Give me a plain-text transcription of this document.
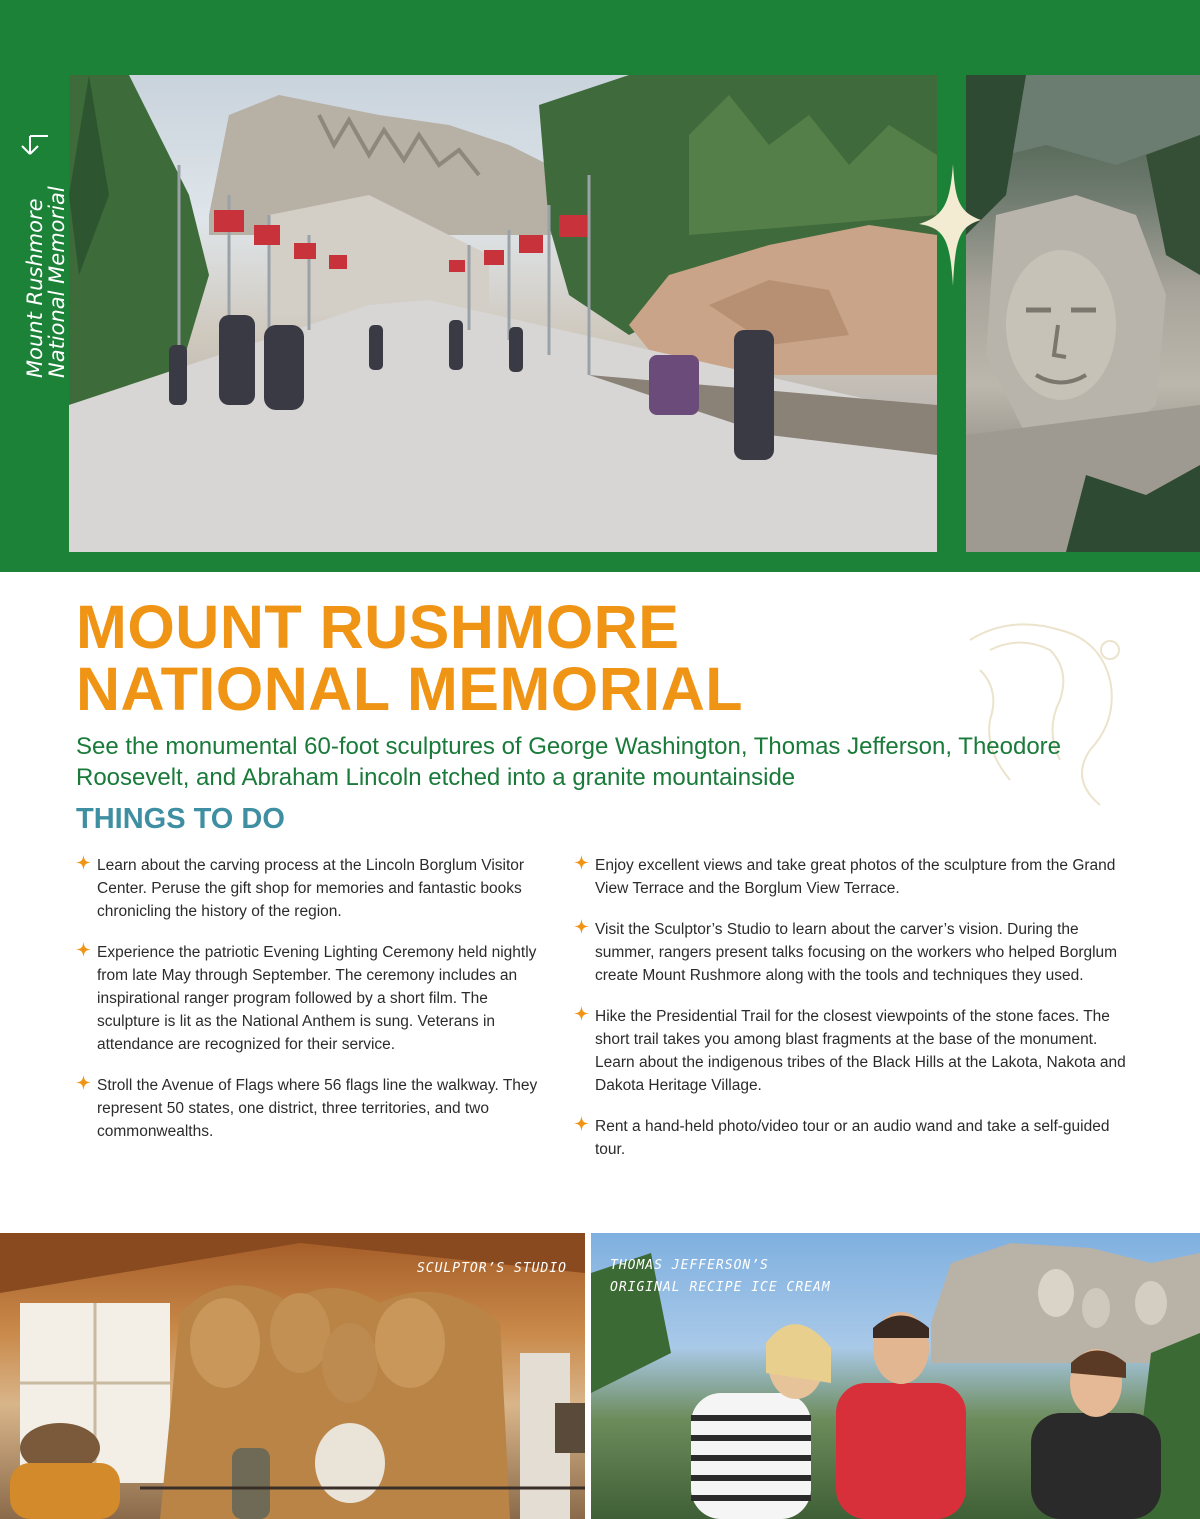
Mount Rushmore
National Memorial
MOUNT RUSHMORE
NATIONAL MEMORIAL

See the monumental 60-foot sculptures of George Washington, Thomas Jefferson, Theodore Roosevelt, and Abraham Lincoln etched into a granite mountainside

THINGS TO DO
Learn about the carving process at the Lincoln Borglum Visitor Center. Peruse the gift shop for memories and fantastic books chronicling the history of the region.
Experience the patriotic Evening Lighting Ceremony held nightly from late May through September. The ceremony includes an inspirational ranger program followed by a short film. The sculpture is lit as the National Anthem is sung. Veterans in attendance are recognized for their service.
Stroll the Avenue of Flags where 56 flags line the walkway. They represent 50 states, one district, three territories, and two commonwealths.
Enjoy excellent views and take great photos of the sculpture from the Grand View Terrace and the Borglum View Terrace.
Visit the Sculptor’s Studio to learn about the carver’s vision. During the summer, rangers present talks focusing on the workers who helped Borglum create Mount Rushmore along with the tools and techniques they used.
Hike the Presidential Trail for the closest viewpoints of the stone faces. The short trail takes you among blast fragments at the base of the monument. Learn about the indigenous tribes of the Black Hills at the Lakota, Nakota and Dakota Heritage Village.
Rent a hand-held photo/video tour or an audio wand and take a self-guided tour.
SCULPTOR’S STUDIO	THOMAS JEFFERSON’S
ORIGINAL RECIPE ICE CREAM
